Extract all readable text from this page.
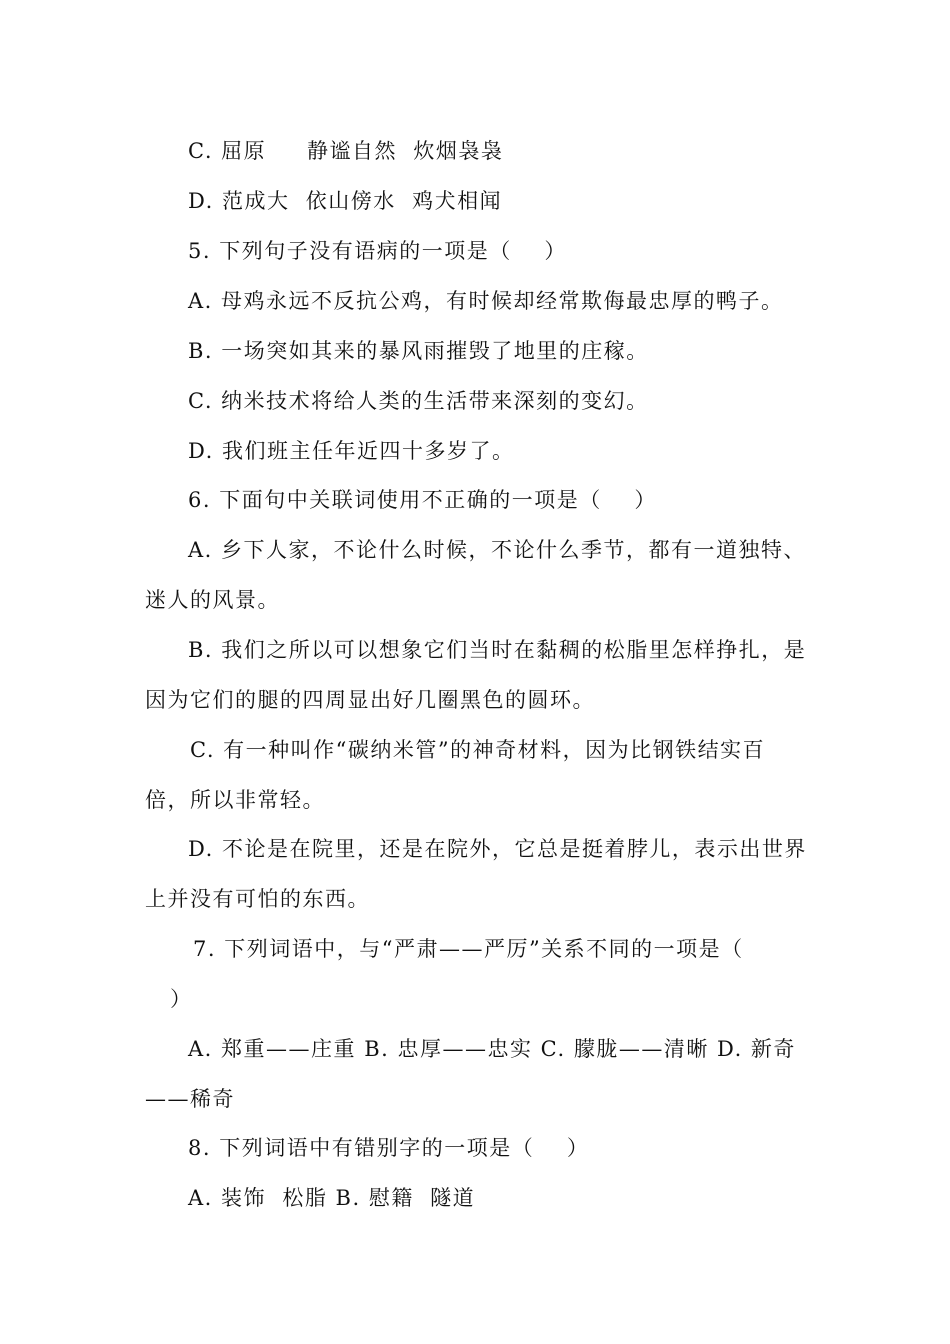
C. 屈原     静谧自然  炊烟袅袅

D. 范成大  依山傍水  鸡犬相闻

5. 下列句子没有语病的一项是（    ）

A. 母鸡永远不反抗公鸡，有时候却经常欺侮最忠厚的鸭子。

B. 一场突如其来的暴风雨摧毁了地里的庄稼。

C. 纳米技术将给人类的生活带来深刻的变幻。

D. 我们班主任年近四十多岁了。

6. 下面句中关联词使用不正确的一项是（    ）

A. 乡下人家，不论什么时候，不论什么季节，都有一道独特、

迷人的风景。

B. 我们之所以可以想象它们当时在黏稠的松脂里怎样挣扎，是

因为它们的腿的四周显出好几圈黑色的圆环。

C. 有一种叫作“碳纳米管”的神奇材料，因为比钢铁结实百

倍，所以非常轻。

D. 不论是在院里，还是在院外，它总是挺着脖儿，表示出世界

上并没有可怕的东西。

7. 下列词语中，与“严肃——严厉”关系不同的一项是（

）

A. 郑重——庄重 B. 忠厚——忠实 C. 朦胧——清晰 D. 新奇

——稀奇

8. 下列词语中有错别字的一项是（    ）

A. 装饰  松脂 B. 慰籍  隧道
